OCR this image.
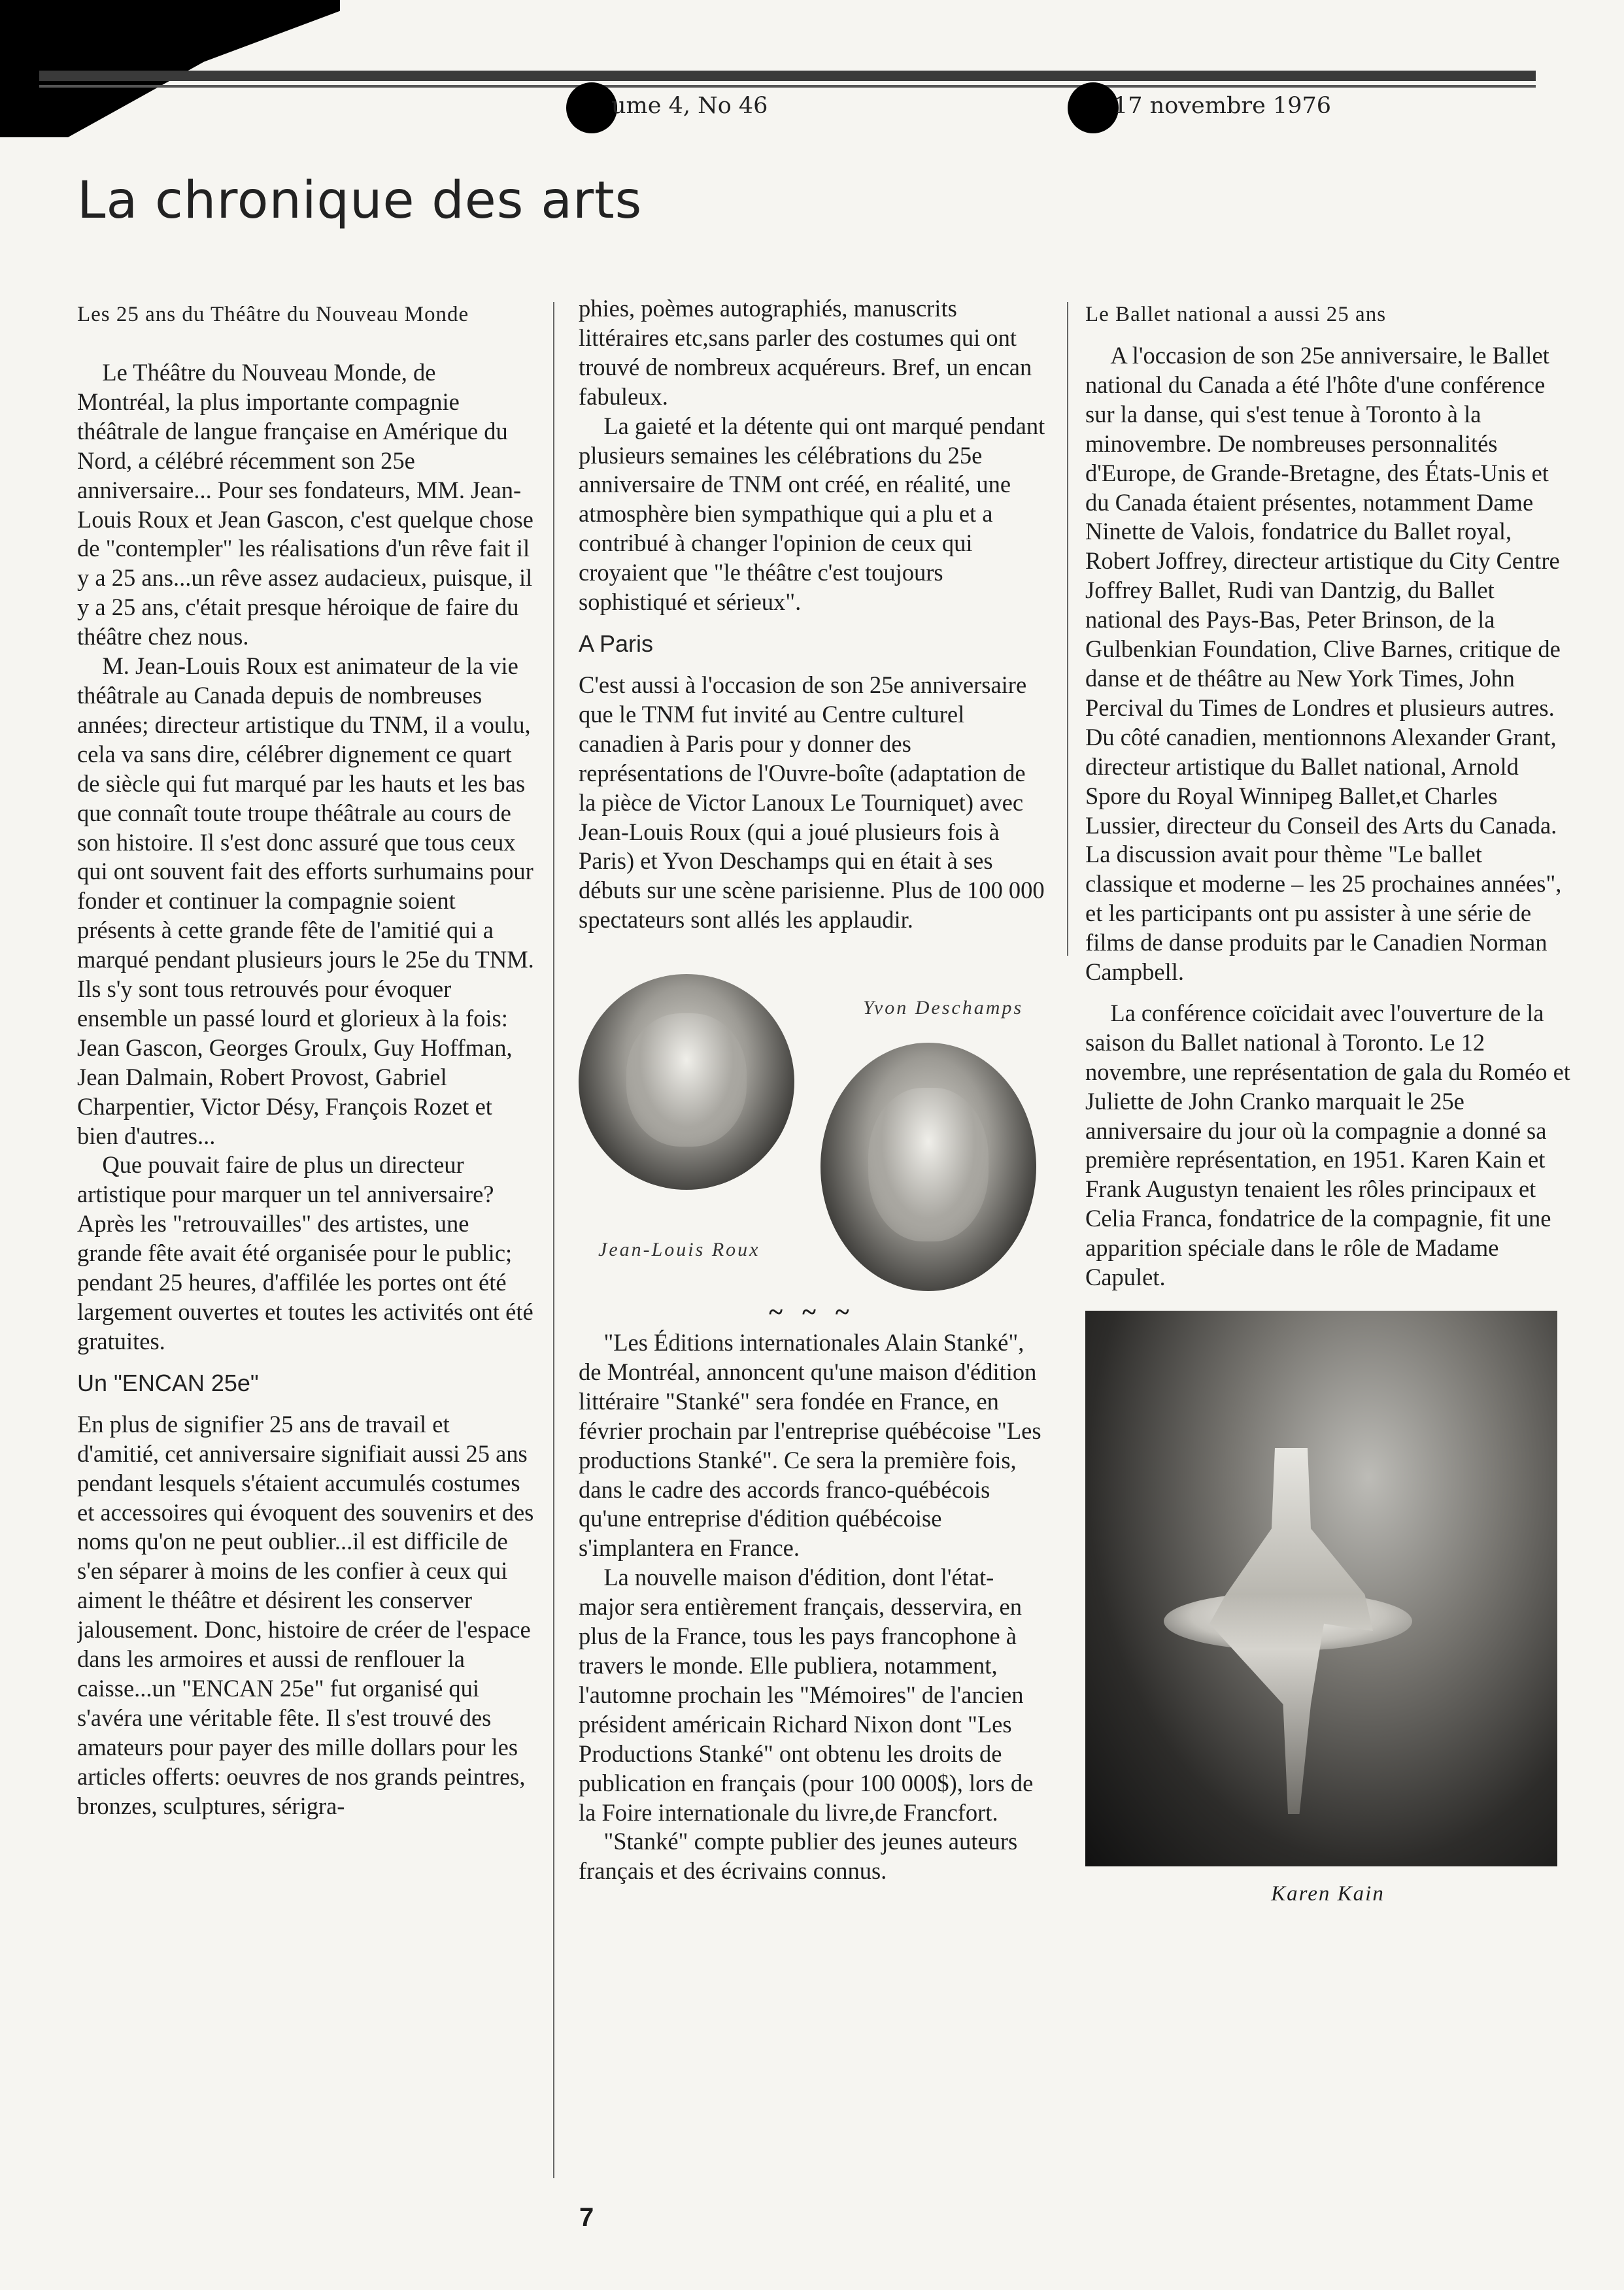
ume 4, No 46	17 novembre 1976
La chronique des arts

Les 25 ans du Théâtre du Nouveau Monde

Le Théâtre du Nouveau Monde, de Montréal, la plus importante compagnie théâtrale de langue française en Amérique du Nord, a célébré récemment son 25e anniversaire... Pour ses fondateurs, MM. Jean-Louis Roux et Jean Gascon, c'est quelque chose de "contempler" les réalisations d'un rêve fait il y a 25 ans...un rêve assez audacieux, puisque, il y a 25 ans, c'était presque héroique de faire du théâtre chez nous.

M. Jean-Louis Roux est animateur de la vie théâtrale au Canada depuis de nombreuses années; directeur artistique du TNM, il a voulu, cela va sans dire, célébrer dignement ce quart de siècle qui fut marqué par les hauts et les bas que connaît toute troupe théâtrale au cours de son histoire. Il s'est donc assuré que tous ceux qui ont souvent fait des efforts surhumains pour fonder et continuer la compagnie soient présents à cette grande fête de l'amitié qui a marqué pendant plusieurs jours le 25e du TNM. Ils s'y sont tous retrouvés pour évoquer ensemble un passé lourd et glorieux à la fois: Jean Gascon, Georges Groulx, Guy Hoffman, Jean Dalmain, Robert Provost, Gabriel Charpentier, Victor Désy, François Rozet et bien d'autres...

Que pouvait faire de plus un directeur artistique pour marquer un tel anniversaire? Après les "retrouvailles" des artistes, une grande fête avait été organisée pour le public; pendant 25 heures, d'affilée les portes ont été largement ouvertes et toutes les activités ont été gratuites.

Un "ENCAN 25e"

En plus de signifier 25 ans de travail et d'amitié, cet anniversaire signifiait aussi 25 ans pendant lesquels s'étaient accumulés costumes et accessoires qui évoquent des souvenirs et des noms qu'on ne peut oublier...il est difficile de s'en séparer à moins de les confier à ceux qui aiment le théâtre et désirent les conserver jalousement. Donc, histoire de créer de l'espace dans les armoires et aussi de renflouer la caisse...un "ENCAN 25e" fut organisé qui s'avéra une véritable fête. Il s'est trouvé des amateurs pour payer des mille dollars pour les articles offerts: oeuvres de nos grands peintres, bronzes, sculptures, sérigra-

phies, poèmes autographiés, manuscrits littéraires etc,sans parler des costumes qui ont trouvé de nombreux acquéreurs. Bref, un encan fabuleux.

La gaieté et la détente qui ont marqué pendant plusieurs semaines les célébrations du 25e anniversaire de TNM ont créé, en réalité, une atmosphère bien sympathique qui a plu et a contribué à changer l'opinion de ceux qui croyaient que "le théâtre c'est toujours sophistiqué et sérieux".

A Paris

C'est aussi à l'occasion de son 25e anniversaire que le TNM fut invité au Centre culturel canadien à Paris pour y donner des représentations de l'Ouvre-boîte (adaptation de la pièce de Victor Lanoux Le Tourniquet) avec Jean-Louis Roux (qui a joué plusieurs fois à Paris) et Yvon Deschamps qui en était à ses débuts sur une scène parisienne. Plus de 100 000 spectateurs sont allés les applaudir.

Yvon Deschamps
Jean-Louis Roux
~ ~ ~

"Les Éditions internationales Alain Stanké", de Montréal, annoncent qu'une maison d'édition littéraire "Stanké" sera fondée en France, en février prochain par l'entreprise québécoise "Les productions Stanké". Ce sera la première fois, dans le cadre des accords franco-québécois qu'une entreprise d'édition québécoise s'implantera en France.

La nouvelle maison d'édition, dont l'état-major sera entièrement français, desservira, en plus de la France, tous les pays francophone à travers le monde. Elle publiera, notamment, l'automne prochain les "Mémoires" de l'ancien président américain Richard Nixon dont "Les Productions Stanké" ont obtenu les droits de publication en français (pour 100 000$), lors de la Foire internationale du livre,de Francfort.

"Stanké" compte publier des jeunes auteurs français et des écrivains connus.

Le Ballet national a aussi 25 ans

A l'occasion de son 25e anniversaire, le Ballet national du Canada a été l'hôte d'une conférence sur la danse, qui s'est tenue à Toronto à la minovembre. De nombreuses personnalités d'Europe, de Grande-Bretagne, des États-Unis et du Canada étaient présentes, notamment Dame Ninette de Valois, fondatrice du Ballet royal, Robert Joffrey, directeur artistique du City Centre Joffrey Ballet, Rudi van Dantzig, du Ballet national des Pays-Bas, Peter Brinson, de la Gulbenkian Foundation, Clive Barnes, critique de danse et de théâtre au New York Times, John Percival du Times de Londres et plusieurs autres. Du côté canadien, mentionnons Alexander Grant, directeur artistique du Ballet national, Arnold Spore du Royal Winnipeg Ballet,et Charles Lussier, directeur du Conseil des Arts du Canada. La discussion avait pour thème "Le ballet classique et moderne – les 25 prochaines années", et les participants ont pu assister à une série de films de danse produits par le Canadien Norman Campbell.

La conférence coïcidait avec l'ouverture de la saison du Ballet national à Toronto. Le 12 novembre, une représentation de gala du Roméo et Juliette de John Cranko marquait le 25e anniversaire du jour où la compagnie a donné sa première représentation, en 1951. Karen Kain et Frank Augustyn tenaient les rôles principaux et Celia Franca, fondatrice de la compagnie, fit une apparition spéciale dans le rôle de Madame Capulet.

Karen Kain
7
